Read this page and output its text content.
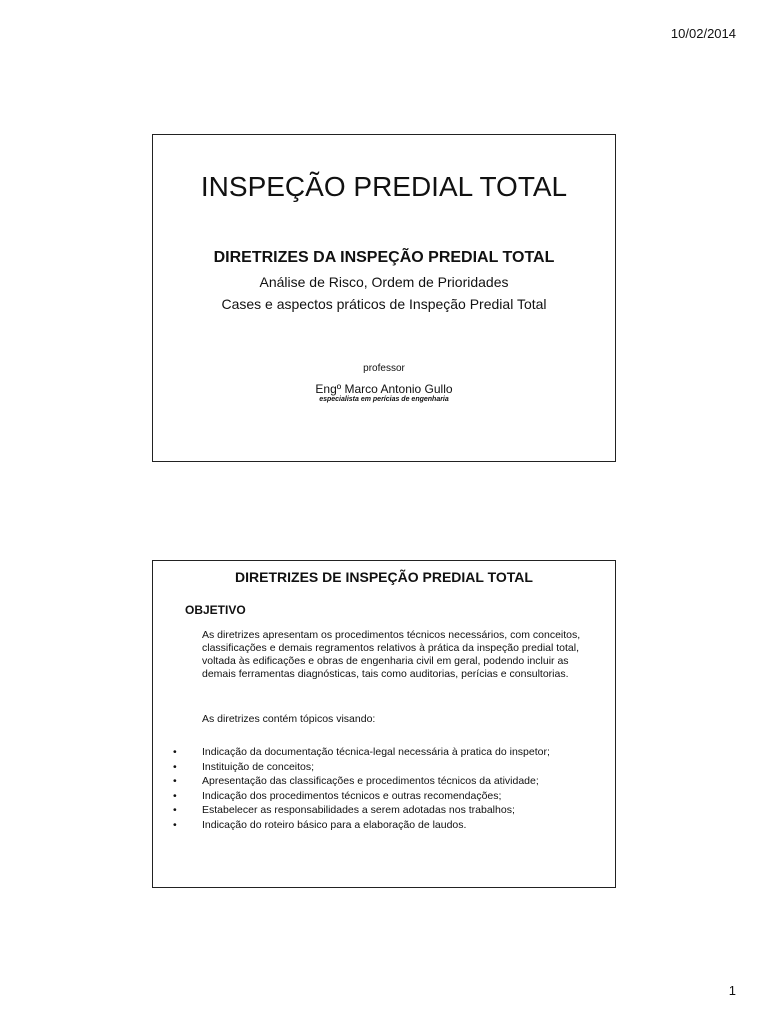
10/02/2014
INSPEÇÃO PREDIAL TOTAL
DIRETRIZES DA INSPEÇÃO PREDIAL TOTAL
Análise de Risco, Ordem de Prioridades
Cases e aspectos práticos de Inspeção Predial Total
professor
Engº Marco Antonio Gullo
especialista em perícias de engenharia
DIRETRIZES DE INSPEÇÃO PREDIAL TOTAL
OBJETIVO

As diretrizes apresentam os procedimentos técnicos necessários, com conceitos, classificações e demais regramentos relativos à prática da inspeção predial total, voltada às edificações e obras de engenharia civil em geral, podendo incluir as demais ferramentas diagnósticas, tais como auditorias, perícias e consultorias.

As diretrizes contém tópicos visando:
• Indicação da documentação técnica-legal necessária à pratica do inspetor;
• Instituição de conceitos;
• Apresentação das classificações e procedimentos técnicos da atividade;
• Indicação dos procedimentos técnicos e outras recomendações;
• Estabelecer as responsabilidades a serem adotadas nos trabalhos;
• Indicação do roteiro básico para a elaboração de laudos.
1
